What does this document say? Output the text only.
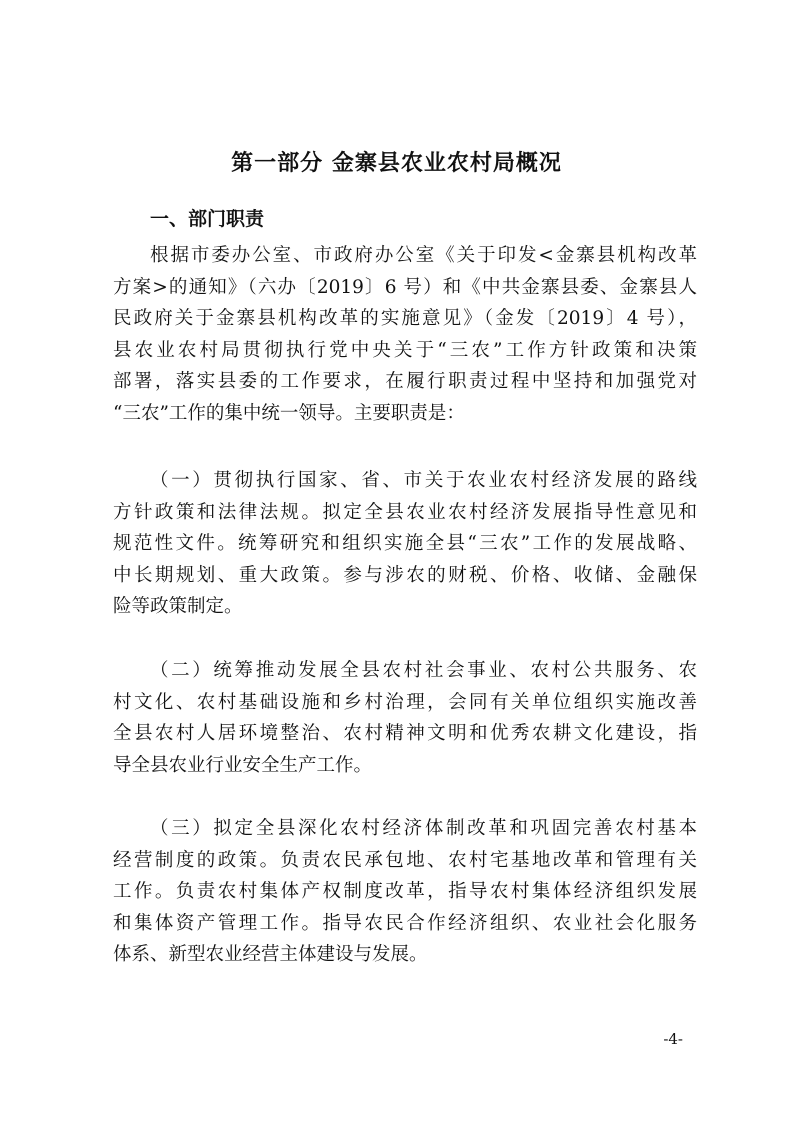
第一部分 金寨县农业农村局概况
一、部门职责
根据市委办公室、市政府办公室《关于印发<金寨县机构改革
方案>的通知》（六办〔2019〕6 号）和《中共金寨县委、金寨县人
民政府关于金寨县机构改革的实施意见》（金发〔2019〕4 号），
县农业农村局贯彻执行党中央关于“三农”工作方针政策和决策
部署，落实县委的工作要求，在履行职责过程中坚持和加强党对
“三农”工作的集中统一领导。主要职责是：
（一）贯彻执行国家、省、市关于农业农村经济发展的路线
方针政策和法律法规。拟定全县农业农村经济发展指导性意见和
规范性文件。统筹研究和组织实施全县“三农”工作的发展战略、
中长期规划、重大政策。参与涉农的财税、价格、收储、金融保
险等政策制定。
（二）统筹推动发展全县农村社会事业、农村公共服务、农
村文化、农村基础设施和乡村治理，会同有关单位组织实施改善
全县农村人居环境整治、农村精神文明和优秀农耕文化建设，指
导全县农业行业安全生产工作。
（三）拟定全县深化农村经济体制改革和巩固完善农村基本
经营制度的政策。负责农民承包地、农村宅基地改革和管理有关
工作。负责农村集体产权制度改革，指导农村集体经济组织发展
和集体资产管理工作。指导农民合作经济组织、农业社会化服务
体系、新型农业经营主体建设与发展。
-4-
